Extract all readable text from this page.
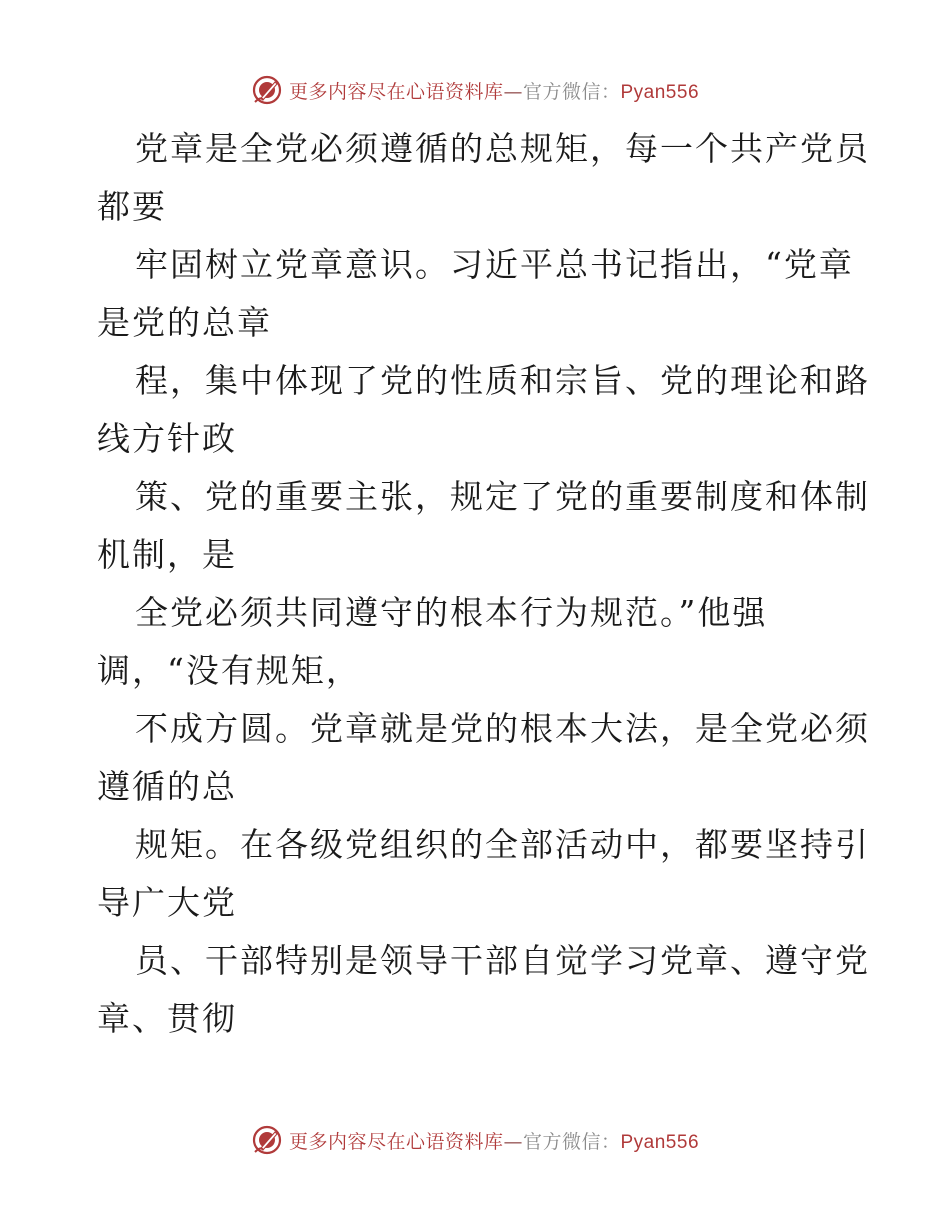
更多内容尽在心语资料库—官方微信：Pyan556

党章是全党必须遵循的总规矩，每一个共产党员
都要

牢固树立党章意识。习近平总书记指出，“党章
是党的总章

程，集中体现了党的性质和宗旨、党的理论和路
线方针政

策、党的重要主张，规定了党的重要制度和体制
机制，是

全党必须共同遵守的根本行为规范。”他强
调，“没有规矩，

不成方圆。党章就是党的根本大法，是全党必须
遵循的总

规矩。在各级党组织的全部活动中，都要坚持引
导广大党

员、干部特别是领导干部自觉学习党章、遵守党
章、贯彻

更多内容尽在心语资料库—官方微信：Pyan556
